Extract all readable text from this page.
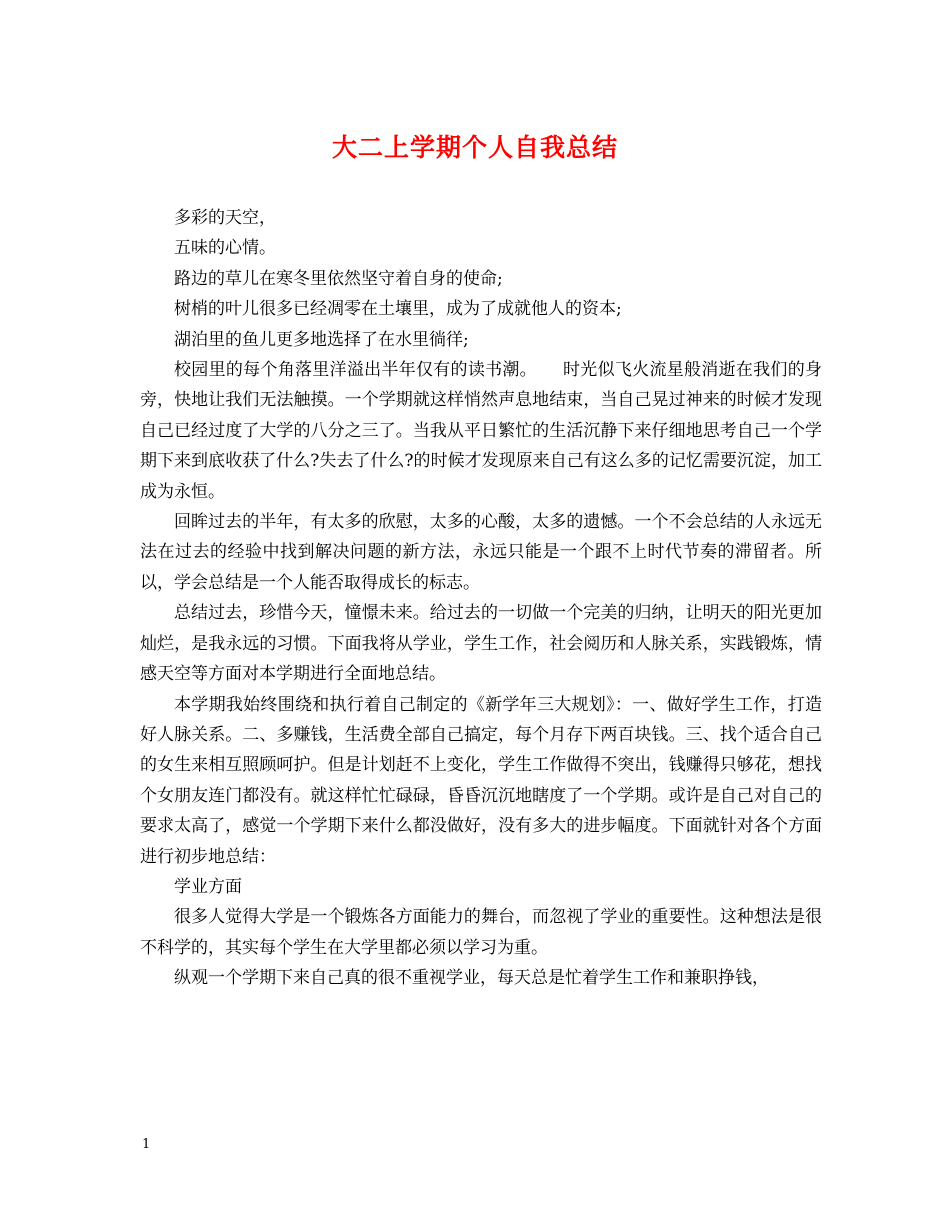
大二上学期个人自我总结

多彩的天空，

五味的心情。

路边的草儿在寒冬里依然坚守着自身的使命;

树梢的叶儿很多已经凋零在土壤里，成为了成就他人的资本;

湖泊里的鱼儿更多地选择了在水里徜徉;

校园里的每个角落里洋溢出半年仅有的读书潮。　　时光似飞火流星般消逝在我们的身旁，快地让我们无法触摸。一个学期就这样悄然声息地结束，当自己晃过神来的时候才发现自己已经过度了大学的八分之三了。当我从平日繁忙的生活沉静下来仔细地思考自己一个学期下来到底收获了什么?失去了什么?的时候才发现原来自己有这么多的记忆需要沉淀，加工成为永恒。

回眸过去的半年，有太多的欣慰，太多的心酸，太多的遗憾。一个不会总结的人永远无法在过去的经验中找到解决问题的新方法，永远只能是一个跟不上时代节奏的滞留者。所以，学会总结是一个人能否取得成长的标志。

总结过去，珍惜今天，憧憬未来。给过去的一切做一个完美的归纳，让明天的阳光更加灿烂，是我永远的习惯。下面我将从学业，学生工作，社会阅历和人脉关系，实践锻炼，情感天空等方面对本学期进行全面地总结。

本学期我始终围绕和执行着自己制定的《新学年三大规划》：一、做好学生工作，打造好人脉关系。二、多赚钱，生活费全部自己搞定，每个月存下两百块钱。三、找个适合自己的女生来相互照顾呵护。但是计划赶不上变化，学生工作做得不突出，钱赚得只够花，想找个女朋友连门都没有。就这样忙忙碌碌，昏昏沉沉地瞎度了一个学期。或许是自己对自己的要求太高了，感觉一个学期下来什么都没做好，没有多大的进步幅度。下面就针对各个方面进行初步地总结：

学业方面

很多人觉得大学是一个锻炼各方面能力的舞台，而忽视了学业的重要性。这种想法是很不科学的，其实每个学生在大学里都必须以学习为重。

纵观一个学期下来自己真的很不重视学业，每天总是忙着学生工作和兼职挣钱，

1
